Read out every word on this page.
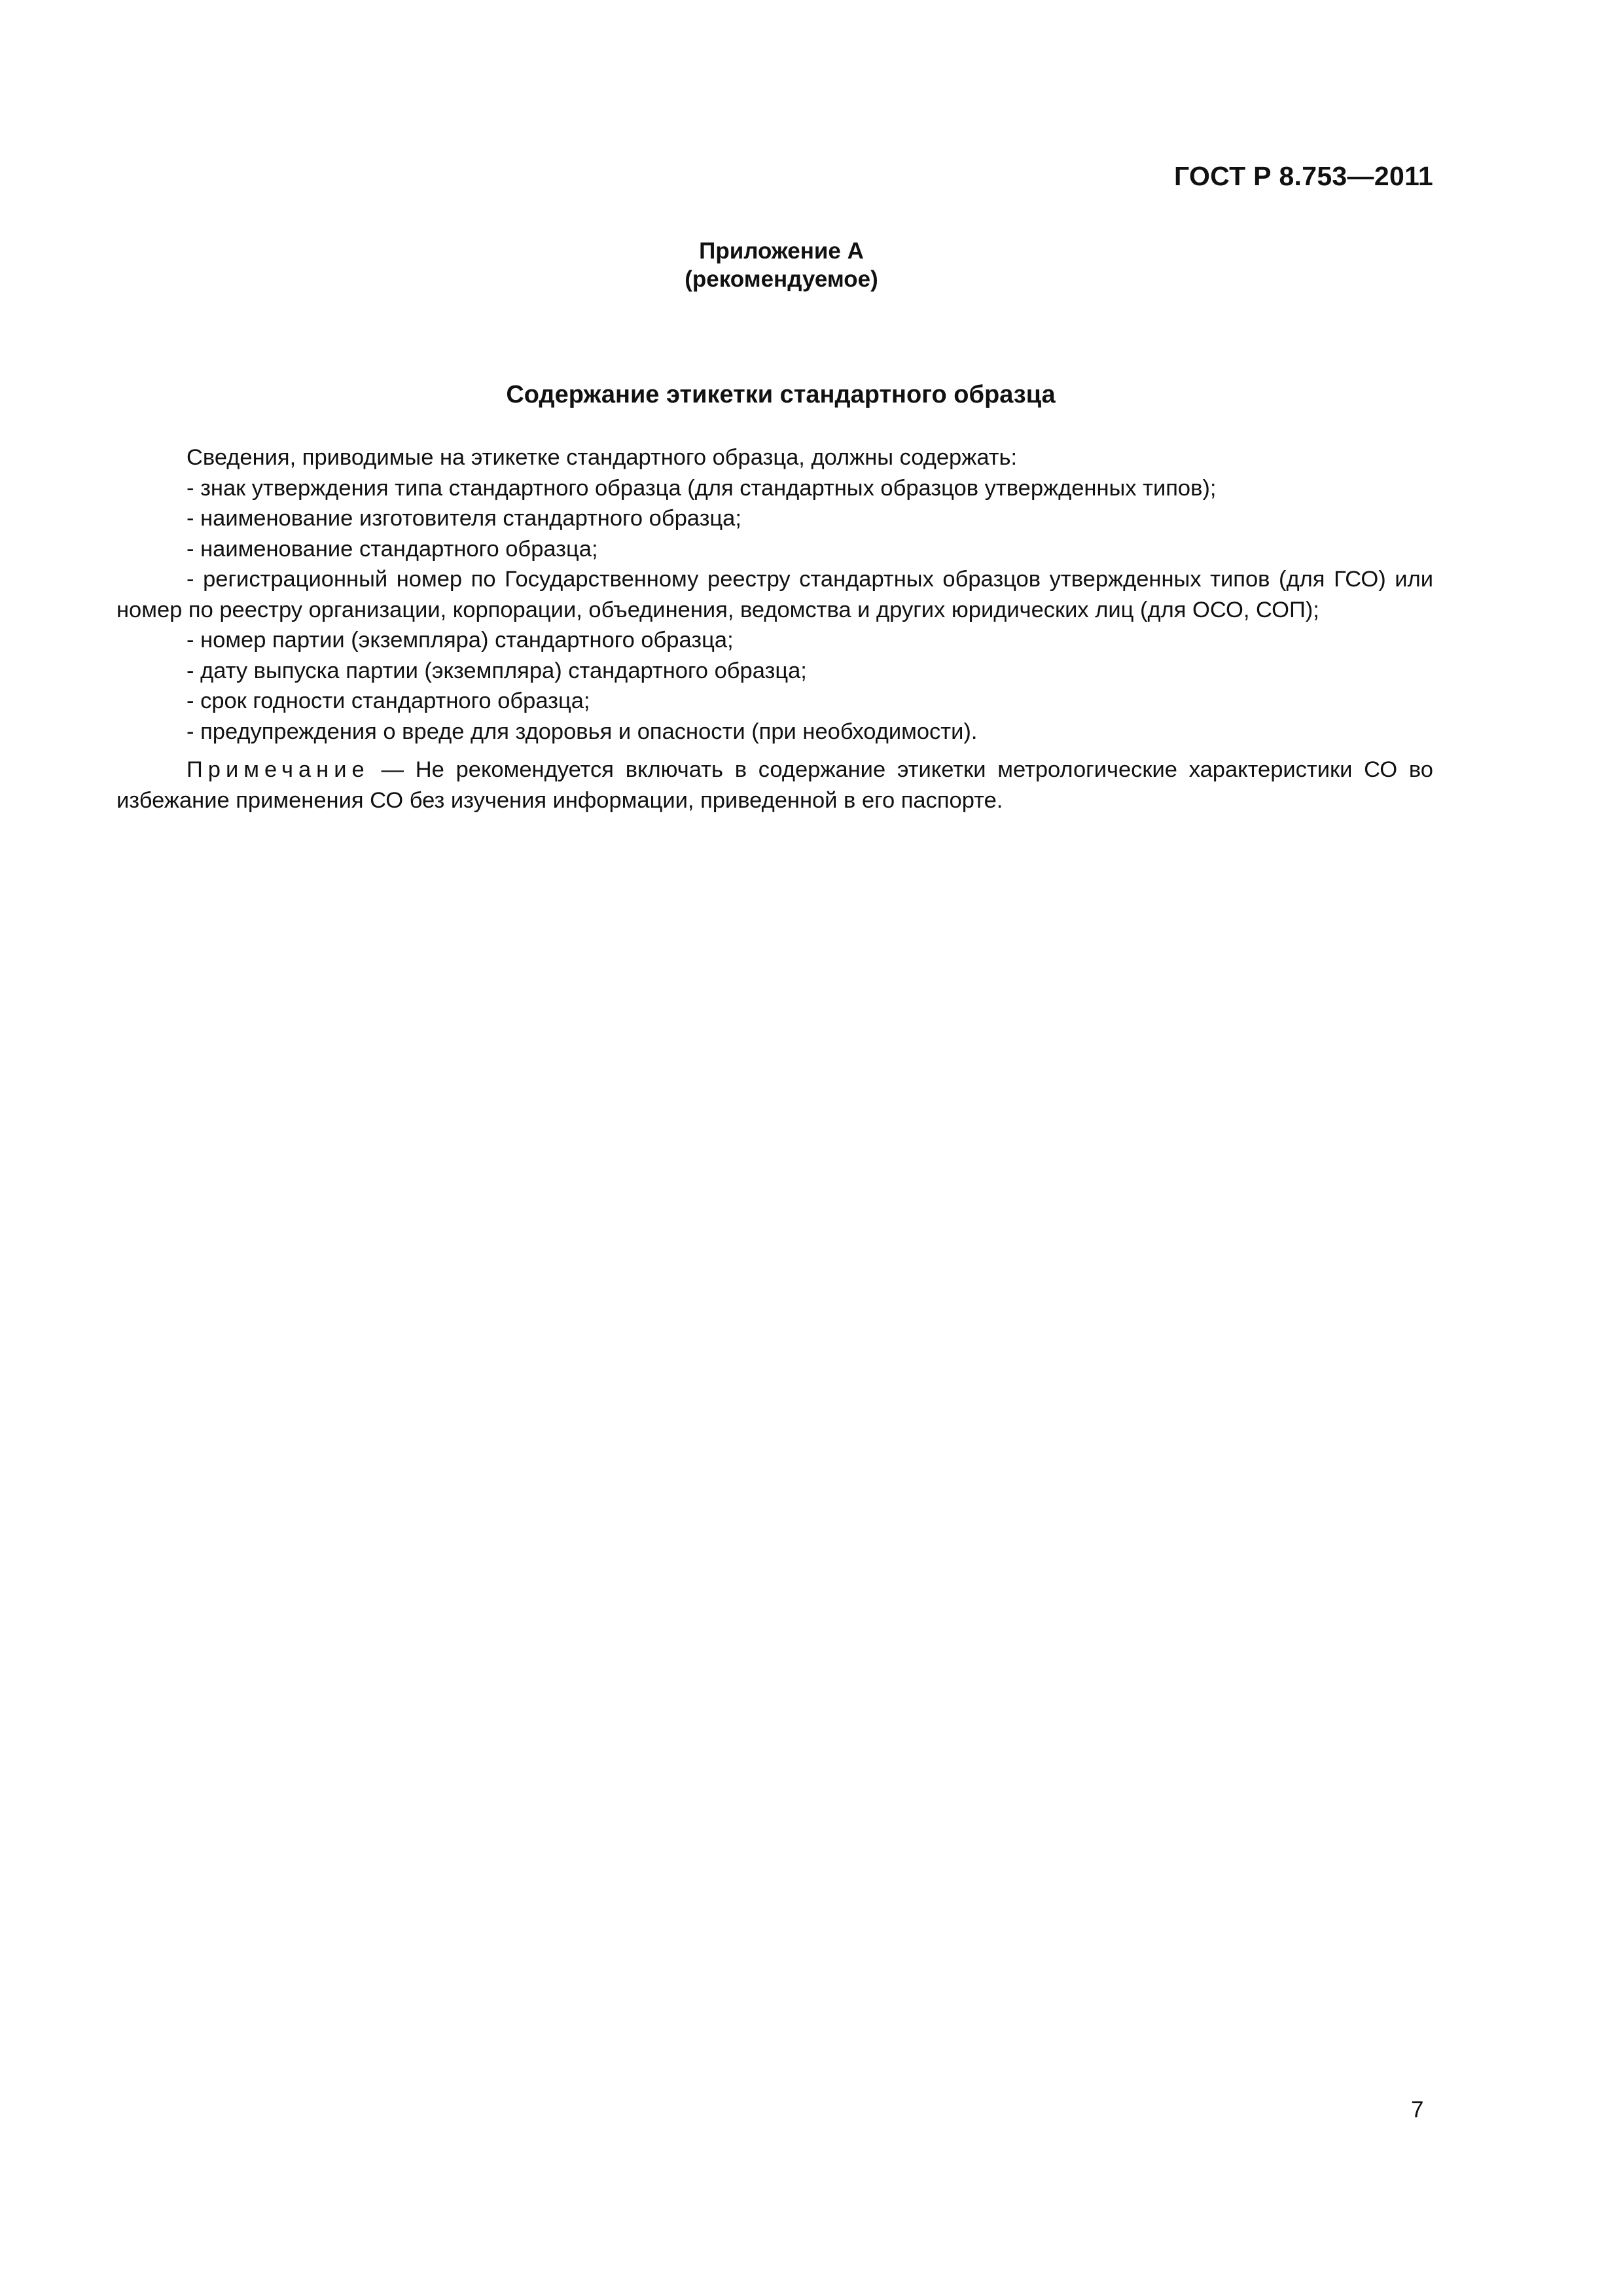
ГОСТ Р 8.753—2011
Приложение А
(рекомендуемое)
Содержание этикетки стандартного образца

Сведения, приводимые на этикетке стандартного образца, должны содержать:

- знак утверждения типа стандартного образца (для стандартных образцов утвержденных типов);

- наименование изготовителя стандартного образца;

- наименование стандартного образца;

- регистрационный номер по Государственному реестру стандартных образцов утвержденных типов (для ГСО) или номер по реестру организации, корпорации, объединения, ведомства и других юридических лиц (для ОСО, СОП);

- номер партии (экземпляра) стандартного образца;

- дату выпуска партии (экземпляра) стандартного образца;

- срок годности стандартного образца;

- предупреждения о вреде для здоровья и опасности (при необходимости).

Примечание — Не рекомендуется включать в содержание этикетки метрологические характеристики СО во избежание применения СО без изучения информации, приведенной в его паспорте.

7
